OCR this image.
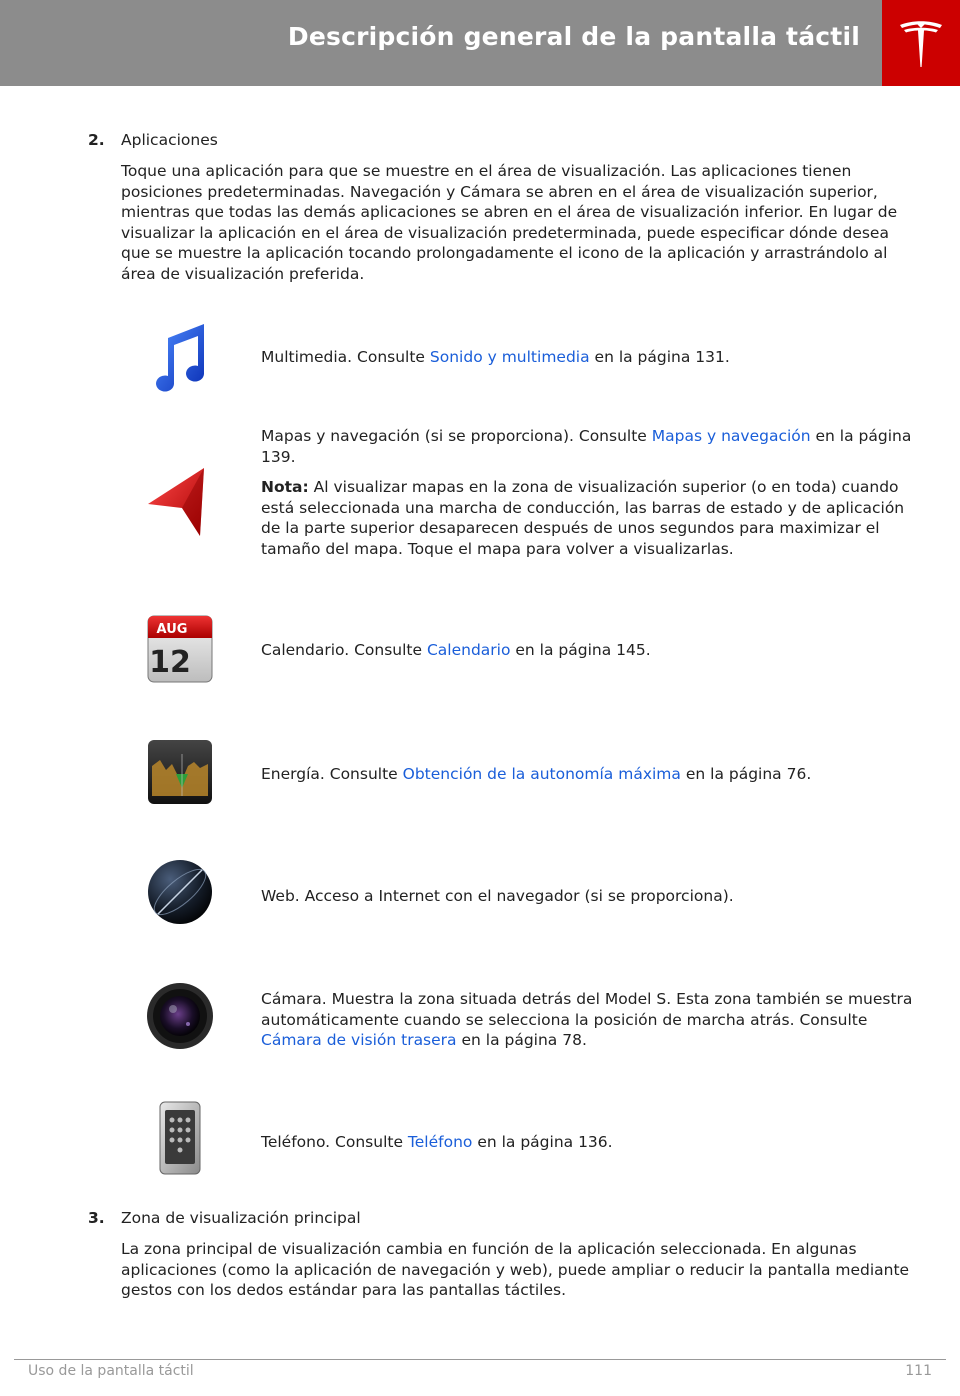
Descripción general de la pantalla táctil
2. Aplicaciones

Toque una aplicación para que se muestre en el área de visualización. Las aplicaciones tienen posiciones predeterminadas. Navegación y Cámara se abren en el área de visualización superior, mientras que todas las demás aplicaciones se abren en el área de visualización inferior. En lugar de visualizar la aplicación en el área de visualización predeterminada, puede especificar dónde desea que se muestre la aplicación tocando prolongadamente el icono de la aplicación y arrastrándolo al área de visualización preferida.

Multimedia. Consulte Sonido y multimedia en la página 131.

Mapas y navegación (si se proporciona). Consulte Mapas y navegación en la página 139.

Nota: Al visualizar mapas en la zona de visualización superior (o en toda) cuando está seleccionada una marcha de conducción, las barras de estado y de aplicación de la parte superior desaparecen después de unos segundos para maximizar el tamaño del mapa. Toque el mapa para volver a visualizarlas.

AUG
12	Calendario. Consulte Calendario en la página 145.

Energía. Consulte Obtención de la autonomía máxima en la página 76.

Web. Acceso a Internet con el navegador (si se proporciona).

Cámara. Muestra la zona situada detrás del Model S. Esta zona también se muestra automáticamente cuando se selecciona la posición de marcha atrás. Consulte Cámara de visión trasera en la página 78.

Teléfono. Consulte Teléfono en la página 136.

3. Zona de visualización principal

La zona principal de visualización cambia en función de la aplicación seleccionada. En algunas aplicaciones (como la aplicación de navegación y web), puede ampliar o reducir la pantalla mediante gestos con los dedos estándar para las pantallas táctiles.

Uso de la pantalla táctil	111
